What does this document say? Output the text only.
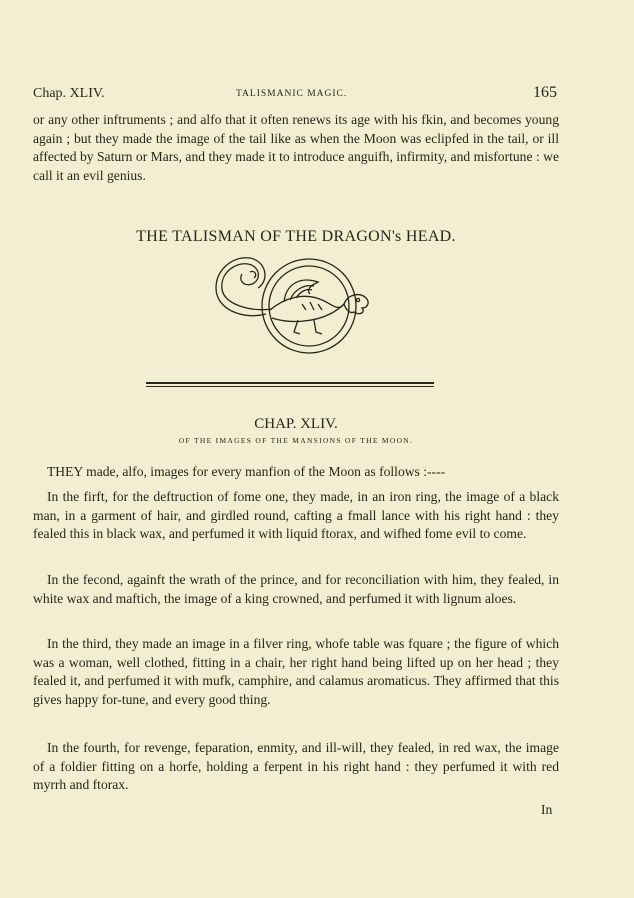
Chap. XLIV.	TALISMANIC MAGIC.	165
or any other inftruments ; and alfo that it often renews its age with his fkin, and becomes young again ; but they made the image of the tail like as when the Moon was eclipfed in the tail, or ill affected by Saturn or Mars, and they made it to introduce anguifh, infirmity, and misfortune : we call it an evil genius.
THE TALISMAN OF THE DRAGON's HEAD.
CHAP. XLIV.
OF THE IMAGES OF THE MANSIONS OF THE MOON.
THEY made, alfo, images for every manfion of the Moon as follows :----
In the firft, for the deftruction of fome one, they made, in an iron ring, the image of a black man, in a garment of hair, and girdled round, cafting a fmall lance with his right hand : they fealed this in black wax, and perfumed it with liquid ftorax, and wifhed fome evil to come.
In the fecond, againft the wrath of the prince, and for reconciliation with him, they fealed, in white wax and maftich, the image of a king crowned, and perfumed it with lignum aloes.
In the third, they made an image in a filver ring, whofe table was fquare ; the figure of which was a woman, well clothed, fitting in a chair, her right hand being lifted up on her head ; they fealed it, and perfumed it with mufk, camphire, and calamus aromaticus. They affirmed that this gives happy for-tune, and every good thing.
In the fourth, for revenge, feparation, enmity, and ill-will, they fealed, in red wax, the image of a foldier fitting on a horfe, holding a ferpent in his right hand : they perfumed it with red myrrh and ftorax.
In
